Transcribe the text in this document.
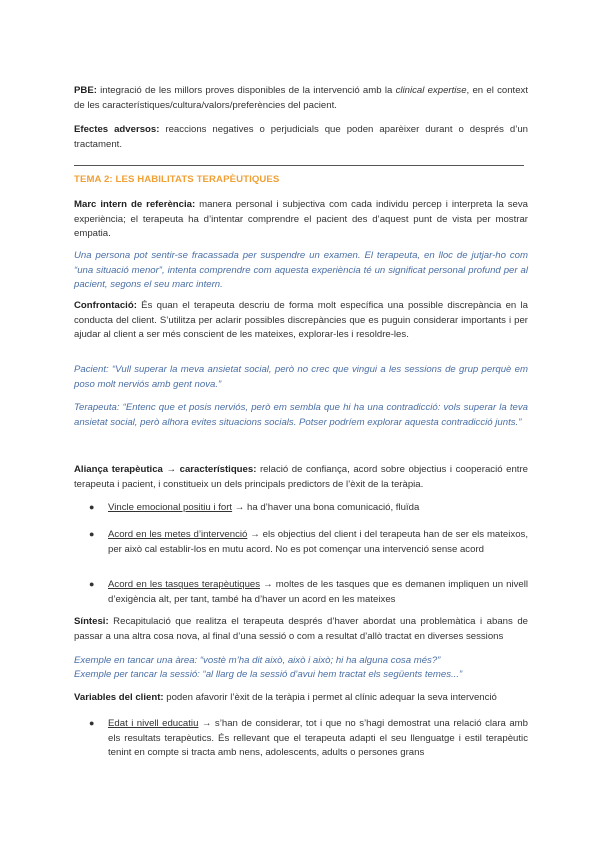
PBE: integració de les millors proves disponibles de la intervenció amb la clinical expertise, en el context de les característiques/cultura/valors/preferències del pacient.

Efectes adversos: reaccions negatives o perjudicials que poden aparèixer durant o després d’un tractament.

TEMA 2: LES HABILITATS TERAPÈUTIQUES

Marc intern de referència: manera personal i subjectiva com cada individu percep i interpreta la seva experiència; el terapeuta ha d’intentar comprendre el pacient des d’aquest punt de vista per mostrar empatia.

Una persona pot sentir-se fracassada per suspendre un examen. El terapeuta, en lloc de jutjar-ho com “una situació menor”, intenta comprendre com aquesta experiència té un significat personal profund per al pacient, segons el seu marc intern.

Confrontació: És quan el terapeuta descriu de forma molt específica una possible discrepància en la conducta del client. S’utilitza per aclarir possibles discrepàncies que es puguin considerar importants i per ajudar al client a ser més conscient de les mateixes, explorar-les i resoldre-les.

Pacient: “Vull superar la meva ansietat social, però no crec que vingui a les sessions de grup perquè em poso molt nerviós amb gent nova.”

Terapeuta: “Entenc que et posis nerviós, però em sembla que hi ha una contradicció: vols superar la teva ansietat social, però alhora evites situacions socials. Potser podríem explorar aquesta contradicció junts.”

Aliança terapèutica → característiques: relació de confiança, acord sobre objectius i cooperació entre terapeuta i pacient, i constitueix un dels principals predictors de l’èxit de la teràpia.

● Vincle emocional positiu i fort → ha d’haver una bona comunicació, fluïda

● Acord en les metes d’intervenció → els objectius del client i del terapeuta han de ser els mateixos, per això cal establir-los en mutu acord. No es pot començar una intervenció sense acord

● Acord en les tasques terapèutiques → moltes de les tasques que es demanen impliquen un nivell d’exigència alt, per tant, també ha d’haver un acord en les mateixes

Síntesi: Recapitulació que realitza el terapeuta després d’haver abordat una problemàtica i abans de passar a una altra cosa nova, al final d’una sessió o com a resultat d’allò tractat en diverses sessions

Exemple en tancar una àrea: “vostè m’ha dit això, això i això; hi ha alguna cosa més?”

Exemple per tancar la sessió: “al llarg de la sessió d’avui hem tractat els següents temes...”

Variables del client: poden afavorir l’èxit de la teràpia i permet al clínic adequar la seva intervenció

● Edat i nivell educatiu → s’han de considerar, tot i que no s’hagi demostrat una relació clara amb els resultats terapèutics. És rellevant que el terapeuta adapti el seu llenguatge i estil terapèutic tenint en compte si tracta amb nens, adolescents, adults o persones grans
